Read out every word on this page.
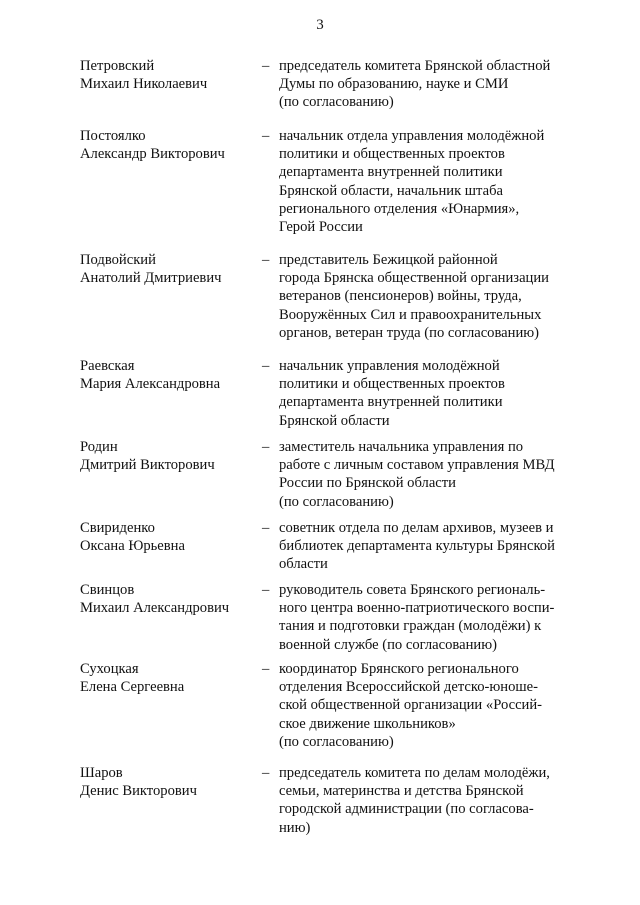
3
Петровский
Михаил Николаевич
– председатель комитета Брянской областной
Думы по образованию, науке и СМИ
(по согласованию)
Постоялко
Александр Викторович
– начальник отдела управления молодёжной
политики и общественных проектов
департамента внутренней политики
Брянской области, начальник штаба
регионального отделения «Юнармия»,
Герой России
Подвойский
Анатолий Дмитриевич
– представитель Бежицкой районной
города Брянска общественной организации
ветеранов (пенсионеров) войны, труда,
Вооружённых Сил и правоохранительных
органов, ветеран труда (по согласованию)
Раевская
Мария Александровна
– начальник управления молодёжной
политики и общественных проектов
департамента внутренней политики
Брянской области
Родин
Дмитрий Викторович
– заместитель начальника управления по
работе с личным составом управления МВД
России по Брянской области
(по согласованию)
Свириденко
Оксана Юрьевна
– советник отдела по делам архивов, музеев и
библиотек департамента культуры Брянской
области
Свинцов
Михаил Александрович
– руководитель совета Брянского региональ-
ного центра военно-патриотического воспи-
тания и подготовки граждан (молодёжи) к
военной службе (по согласованию)
Сухоцкая
Елена Сергеевна
– координатор Брянского регионального
отделения Всероссийской детско-юноше-
ской общественной организации «Россий-
ское движение школьников»
(по согласованию)
Шаров
Денис Викторович
– председатель комитета по делам молодёжи,
семьи, материнства и детства Брянской
городской администрации (по согласова-
нию)
